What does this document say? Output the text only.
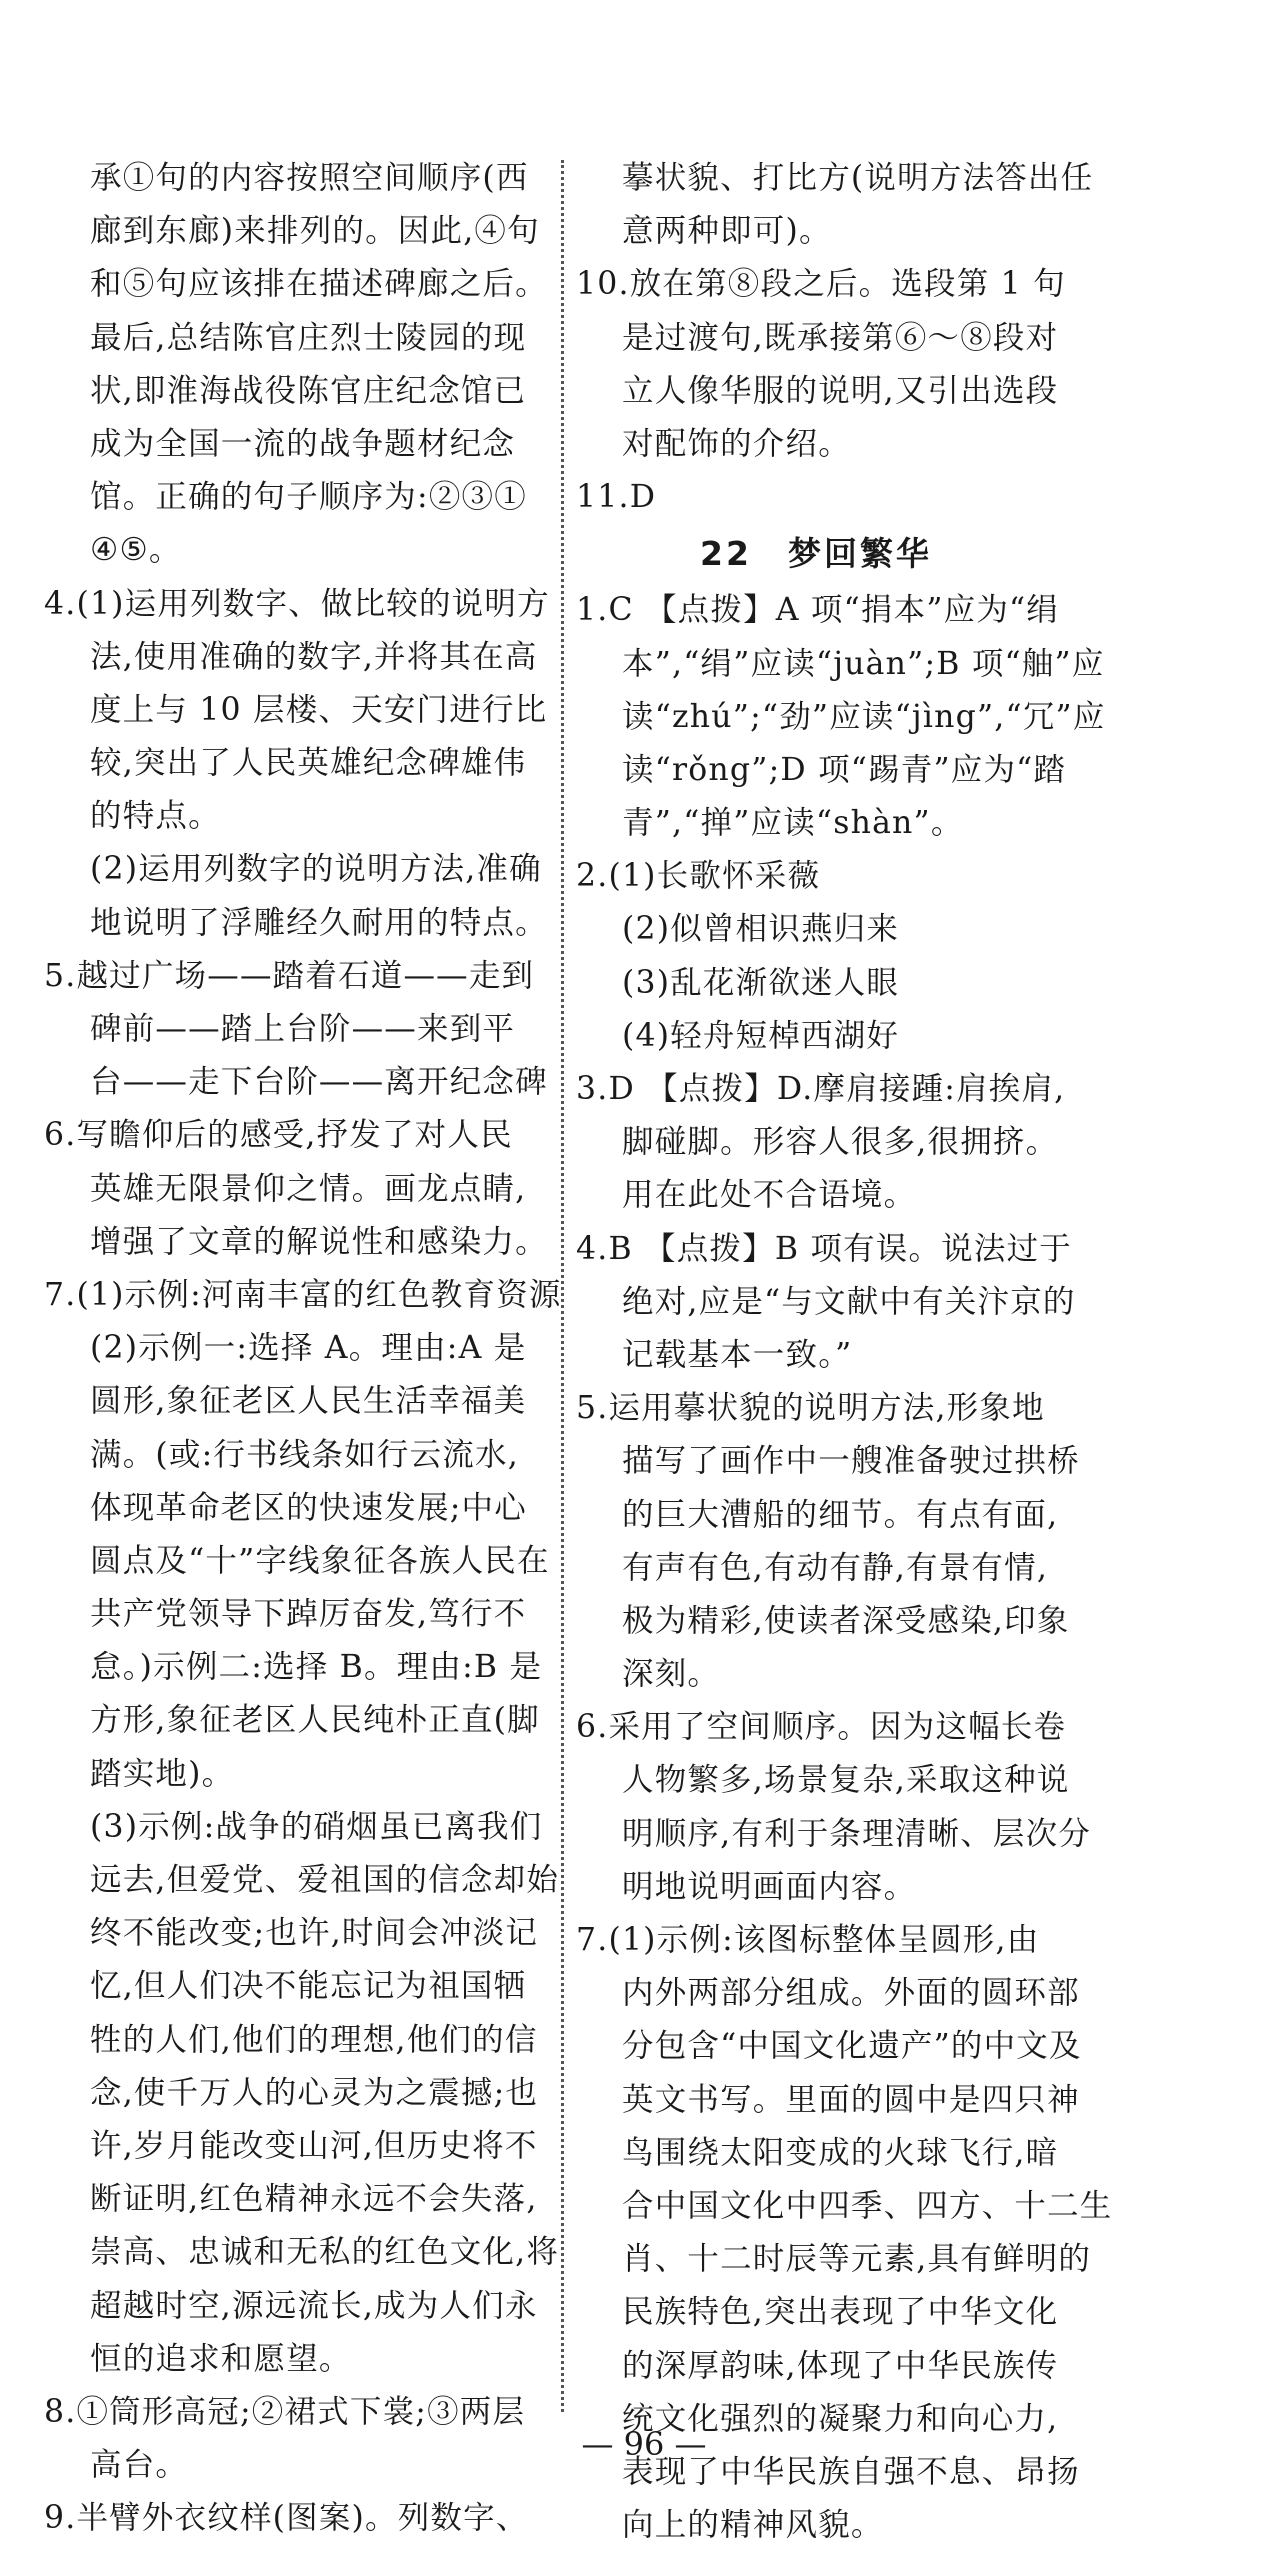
承①句的内容按照空间顺序(西
廊到东廊)来排列的。因此,④句
和⑤句应该排在描述碑廊之后。
最后,总结陈官庄烈士陵园的现
状,即淮海战役陈官庄纪念馆已
成为全国一流的战争题材纪念
馆。正确的句子顺序为:②③①
④⑤。
4.(1)运用列数字、做比较的说明方
法,使用准确的数字,并将其在高
度上与 10 层楼、天安门进行比
较,突出了人民英雄纪念碑雄伟
的特点。
(2)运用列数字的说明方法,准确
地说明了浮雕经久耐用的特点。
5.越过广场——踏着石道——走到
碑前——踏上台阶——来到平
台——走下台阶——离开纪念碑
6.写瞻仰后的感受,抒发了对人民
英雄无限景仰之情。画龙点睛,
增强了文章的解说性和感染力。
7.(1)示例:河南丰富的红色教育资源
(2)示例一:选择 A。理由:A 是
圆形,象征老区人民生活幸福美
满。(或:行书线条如行云流水,
体现革命老区的快速发展;中心
圆点及“十”字线象征各族人民在
共产党领导下踔厉奋发,笃行不
怠。)示例二:选择 B。理由:B 是
方形,象征老区人民纯朴正直(脚
踏实地)。
(3)示例:战争的硝烟虽已离我们
远去,但爱党、爱祖国的信念却始
终不能改变;也许,时间会冲淡记
忆,但人们决不能忘记为祖国牺
牲的人们,他们的理想,他们的信
念,使千万人的心灵为之震撼;也
许,岁月能改变山河,但历史将不
断证明,红色精神永远不会失落,
崇高、忠诚和无私的红色文化,将
超越时空,源远流长,成为人们永
恒的追求和愿望。
8.①筒形高冠;②裙式下裳;③两层
高台。
9.半臂外衣纹样(图案)。列数字、
摹状貌、打比方(说明方法答出任
意两种即可)。
10.放在第⑧段之后。选段第 1 句
是过渡句,既承接第⑥～⑧段对
立人像华服的说明,又引出选段
对配饰的介绍。
11.D
22　梦回繁华
1.C 【点拨】A 项“捐本”应为“绢
本”,“绢”应读“juàn”;B 项“舳”应
读“zhú”;“劲”应读“jìng”,“冗”应
读“rǒng”;D 项“踢青”应为“踏
青”,“掸”应读“shàn”。
2.(1)长歌怀采薇
(2)似曾相识燕归来
(3)乱花渐欲迷人眼
(4)轻舟短棹西湖好
3.D 【点拨】D.摩肩接踵:肩挨肩,
脚碰脚。形容人很多,很拥挤。
用在此处不合语境。
4.B 【点拨】B 项有误。说法过于
绝对,应是“与文献中有关汴京的
记载基本一致。”
5.运用摹状貌的说明方法,形象地
描写了画作中一艘准备驶过拱桥
的巨大漕船的细节。有点有面,
有声有色,有动有静,有景有情,
极为精彩,使读者深受感染,印象
深刻。
6.采用了空间顺序。因为这幅长卷
人物繁多,场景复杂,采取这种说
明顺序,有利于条理清晰、层次分
明地说明画面内容。
7.(1)示例:该图标整体呈圆形,由
内外两部分组成。外面的圆环部
分包含“中国文化遗产”的中文及
英文书写。里面的圆中是四只神
鸟围绕太阳变成的火球飞行,暗
合中国文化中四季、四方、十二生
肖、十二时辰等元素,具有鲜明的
民族特色,突出表现了中华文化
的深厚韵味,体现了中华民族传
统文化强烈的凝聚力和向心力,
表现了中华民族自强不息、昂扬
向上的精神风貌。
— 96 —
